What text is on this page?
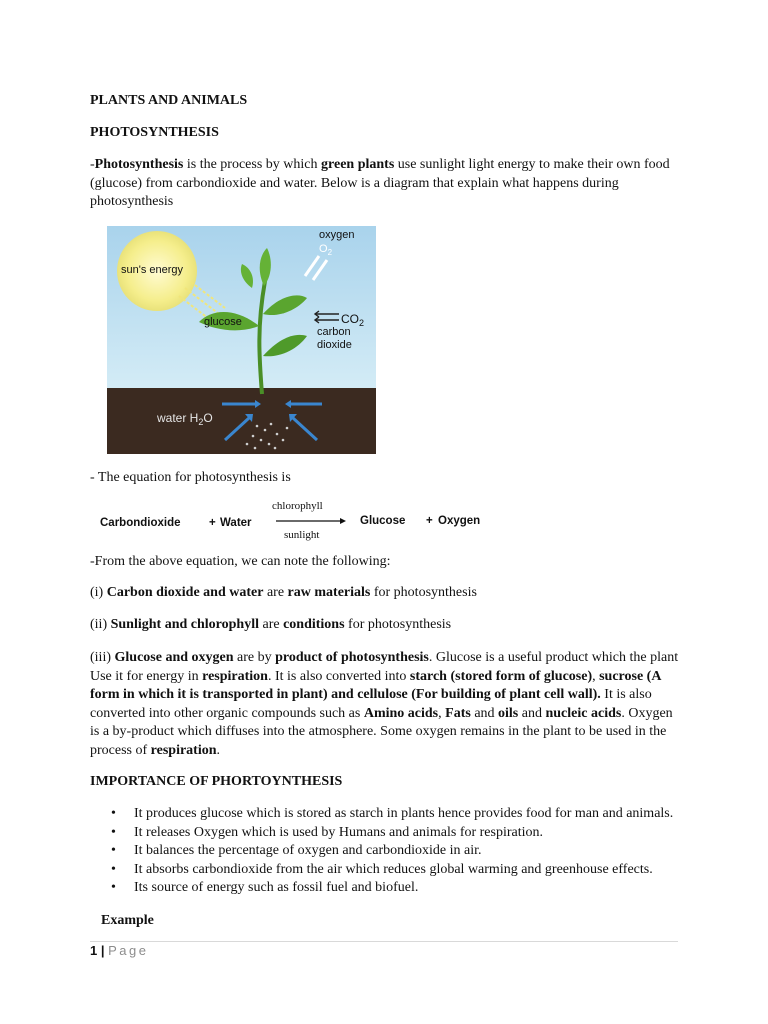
PLANTS AND ANIMALS
PHOTOSYNTHESIS

-Photosynthesis is the process by which green plants use sunlight light energy to make their own food (glucose) from carbondioxide and water. Below is a diagram that explain what happens during photosynthesis

oxygen
$O_2$
sun's energy
glucose	$CO_2$
carbon
dioxide
water $H_2O$

- The equation for photosynthesis is

Carbondioxide + Water
chlorophyll
sunlight
Glucose + Oxygen

-From the above equation, we can note the following:

(i) Carbon dioxide and water are raw materials for photosynthesis

(ii) Sunlight and chlorophyll are conditions for photosynthesis

(iii) Glucose and oxygen are by product of photosynthesis. Glucose is a useful product which the plant Use it for energy in respiration. It is also converted into starch (stored form of glucose), sucrose (A form in which it is transported in plant) and cellulose (For building of plant cell wall). It is also converted into other organic compounds such as Amino acids, Fats and oils and nucleic acids. Oxygen is a by-product which diffuses into the atmosphere. Some oxygen remains in the plant to be used in the process of respiration.

IMPORTANCE OF PHORTOYNTHESIS
• It produces glucose which is stored as starch in plants hence provides food for man and animals.
• It releases Oxygen which is used by Humans and animals for respiration.
• It balances the percentage of oxygen and carbondioxide in air.
• It absorbs carbondioxide from the air which reduces global warming and greenhouse effects.
• Its source of energy such as fossil fuel and biofuel.
Example
1 | Page
